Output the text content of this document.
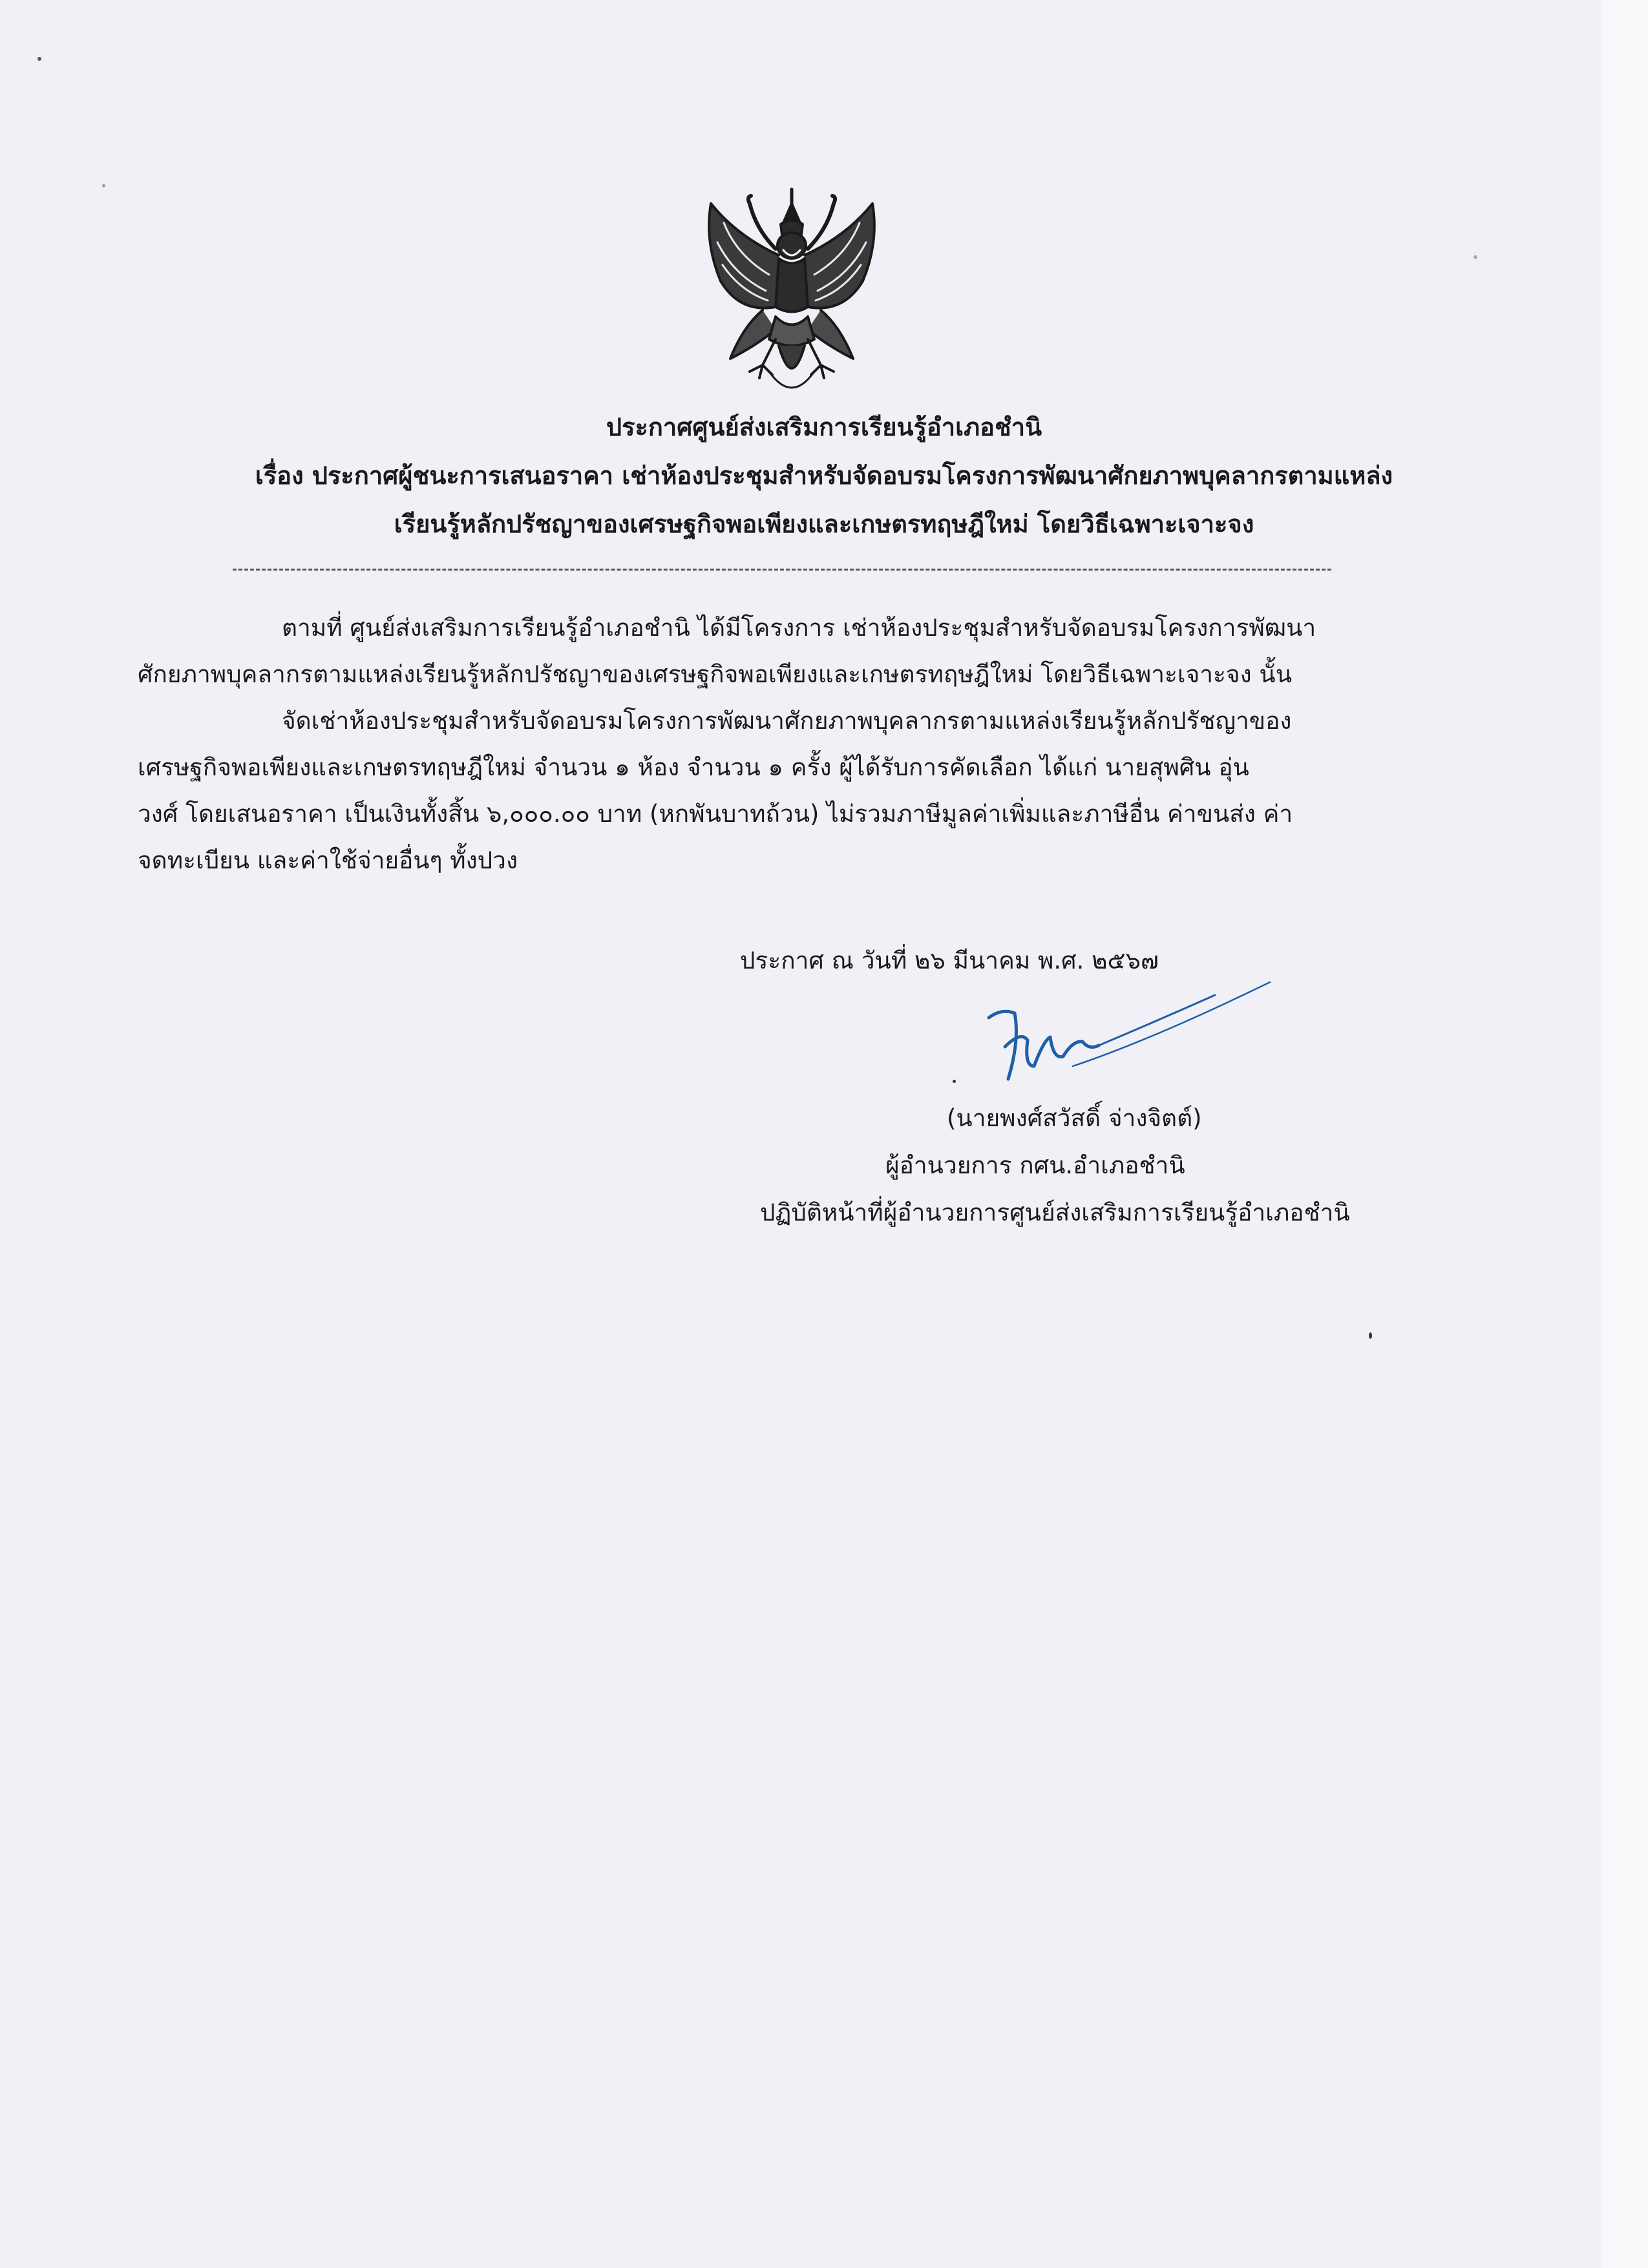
ประกาศศูนย์ส่งเสริมการเรียนรู้อำเภอชำนิ
เรื่อง ประกาศผู้ชนะการเสนอราคา เช่าห้องประชุมสำหรับจัดอบรมโครงการพัฒนาศักยภาพบุคลากรตามแหล่ง
เรียนรู้หลักปรัชญาของเศรษฐกิจพอเพียงและเกษตรทฤษฎีใหม่ โดยวิธีเฉพาะเจาะจง
ตามที่ ศูนย์ส่งเสริมการเรียนรู้อำเภอชำนิ ได้มีโครงการ เช่าห้องประชุมสำหรับจัดอบรมโครงการพัฒนา
ศักยภาพบุคลากรตามแหล่งเรียนรู้หลักปรัชญาของเศรษฐกิจพอเพียงและเกษตรทฤษฎีใหม่ โดยวิธีเฉพาะเจาะจง นั้น
จัดเช่าห้องประชุมสำหรับจัดอบรมโครงการพัฒนาศักยภาพบุคลากรตามแหล่งเรียนรู้หลักปรัชญาของ
เศรษฐกิจพอเพียงและเกษตรทฤษฎีใหม่ จำนวน ๑ ห้อง จำนวน ๑ ครั้ง ผู้ได้รับการคัดเลือก ได้แก่ นายสุพศิน อุ่น
วงศ์ โดยเสนอราคา เป็นเงินทั้งสิ้น ๖,๐๐๐.๐๐ บาท (หกพันบาทถ้วน) ไม่รวมภาษีมูลค่าเพิ่มและภาษีอื่น ค่าขนส่ง ค่า
จดทะเบียน และค่าใช้จ่ายอื่นๆ ทั้งปวง
ประกาศ ณ วันที่ ๒๖ มีนาคม พ.ศ. ๒๕๖๗
(นายพงศ์สวัสดิ์ จ่างจิตต์)
ผู้อำนวยการ กศน.อำเภอชำนิ
ปฏิบัติหน้าที่ผู้อำนวยการศูนย์ส่งเสริมการเรียนรู้อำเภอชำนิ
